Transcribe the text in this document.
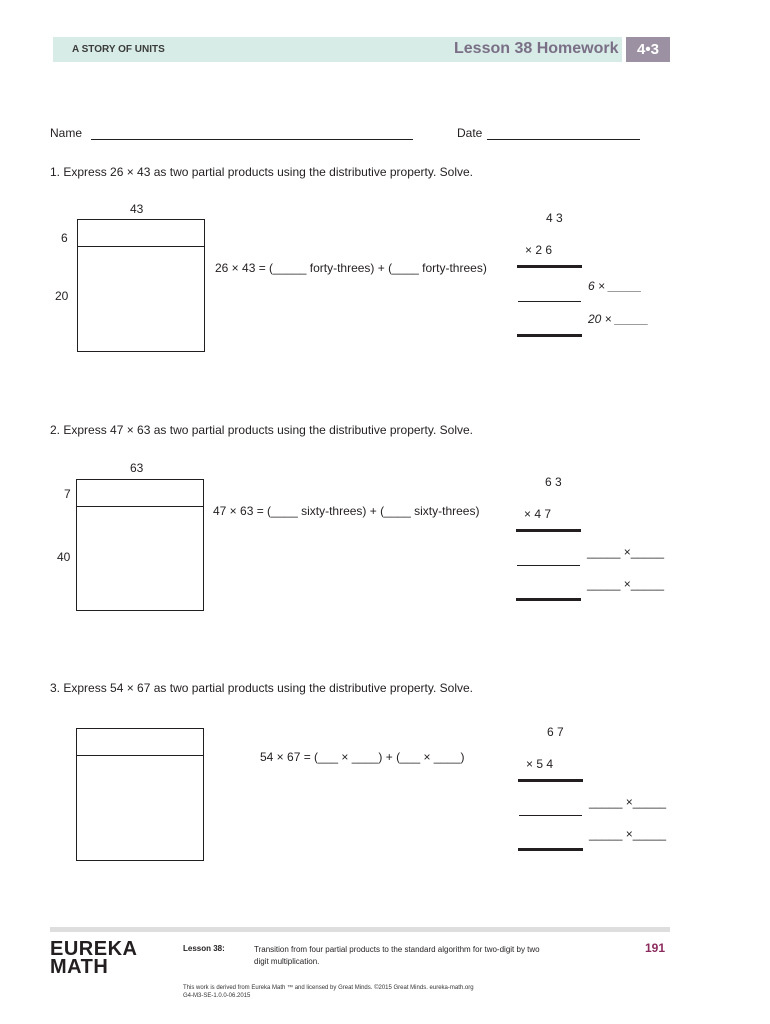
A STORY OF UNITS	Lesson 38 Homework	4•3
Name	Date
1. Express 26 × 43 as two partial products using the distributive property. Solve.
43
6
20
26 × 43 = (_____ forty-threes) + (____ forty-threes)
4 3
× 2 6
6 × _____
20 × _____
2. Express 47 × 63 as two partial products using the distributive property. Solve.
63
7
40
47 × 63 = (____ sixty-threes) + (____ sixty-threes)
6 3
× 4 7
_____ ×_____
_____ ×_____
3. Express 54 × 67 as two partial products using the distributive property. Solve.
54 × 67 = (___ × ____) + (___ × ____)
6 7
× 5 4
_____ ×_____
_____ ×_____
EUREKA
MATH
Lesson 38:	Transition from four partial products to the standard algorithm for two-digit by two digit multiplication.
191
This work is derived from Eureka Math ™ and licensed by Great Minds. ©2015 Great Minds. eureka-math.org
G4-M3-SE-1.0.0-06.2015
